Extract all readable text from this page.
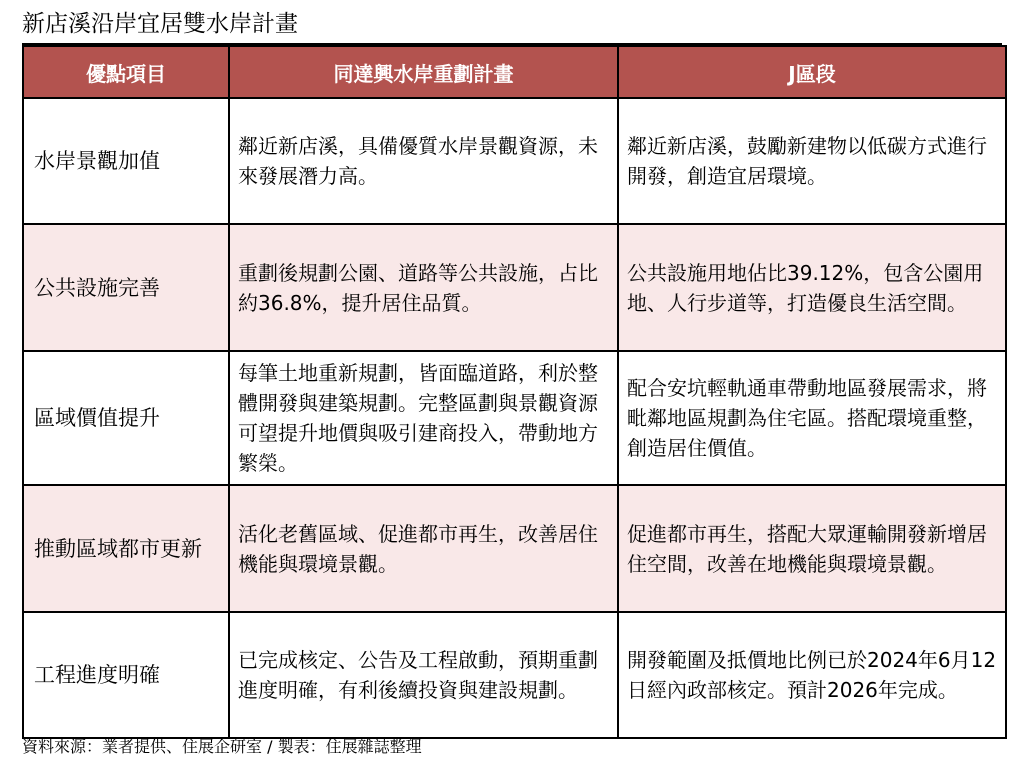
新店溪沿岸宜居雙水岸計畫
優點項目	同達興水岸重劃計畫	J區段
水岸景觀加值	鄰近新店溪，具備優質水岸景觀資源，未來發展潛力高。	鄰近新店溪，鼓勵新建物以低碳方式進行開發，創造宜居環境。
公共設施完善	重劃後規劃公園、道路等公共設施，占比約36.8%，提升居住品質。	公共設施用地佔比39.12%，包含公園用地、人行步道等，打造優良生活空間。
區域價值提升	每筆土地重新規劃，皆面臨道路，利於整體開發與建築規劃。完整區劃與景觀資源可望提升地價與吸引建商投入，帶動地方繁榮。	配合安坑輕軌通車帶動地區發展需求，將毗鄰地區規劃為住宅區。搭配環境重整，創造居住價值。
推動區域都市更新	活化老舊區域、促進都市再生，改善居住機能與環境景觀。	促進都市再生，搭配大眾運輸開發新增居住空間，改善在地機能與環境景觀。
工程進度明確	已完成核定、公告及工程啟動，預期重劃進度明確，有利後續投資與建設規劃。	開發範圍及抵價地比例已於2024年6月12日經內政部核定。預計2026年完成。
資料來源：業者提供、住展企研室 / 製表：住展雜誌整理
